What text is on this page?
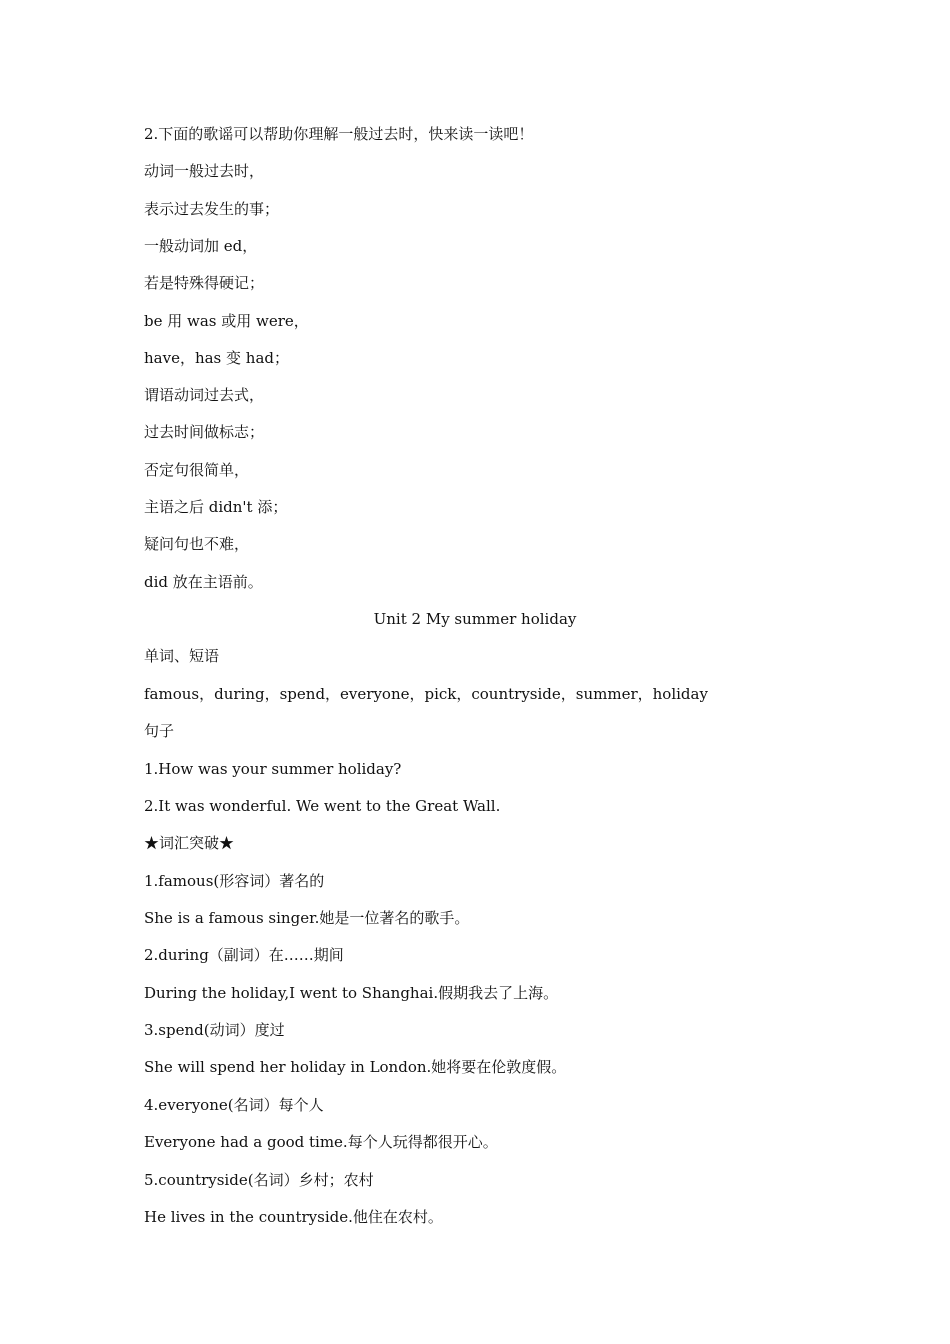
2.下面的歌谣可以帮助你理解一般过去时，快来读一读吧！
动词一般过去时，
表示过去发生的事；
一般动词加 ed，
若是特殊得硬记；
be 用 was 或用 were，
have，has 变 had；
谓语动词过去式，
过去时间做标志；
否定句很简单，
主语之后 didn't 添；
疑问句也不难，
did 放在主语前。
Unit 2 My summer holiday
单词、短语
famous，during，spend，everyone，pick，countryside，summer，holiday
句子
1.How was your summer holiday?
2.It was wonderful. We went to the Great Wall.
★词汇突破★
1.famous(形容词）著名的
She is a famous singer.她是一位著名的歌手。
2.during（副词）在……期间
During the holiday,I went to Shanghai.假期我去了上海。
3.spend(动词）度过
She will spend her holiday in London.她将要在伦敦度假。
4.everyone(名词）每个人
Everyone had a good time.每个人玩得都很开心。
5.countryside(名词）乡村；农村
He lives in the countryside.他住在农村。
